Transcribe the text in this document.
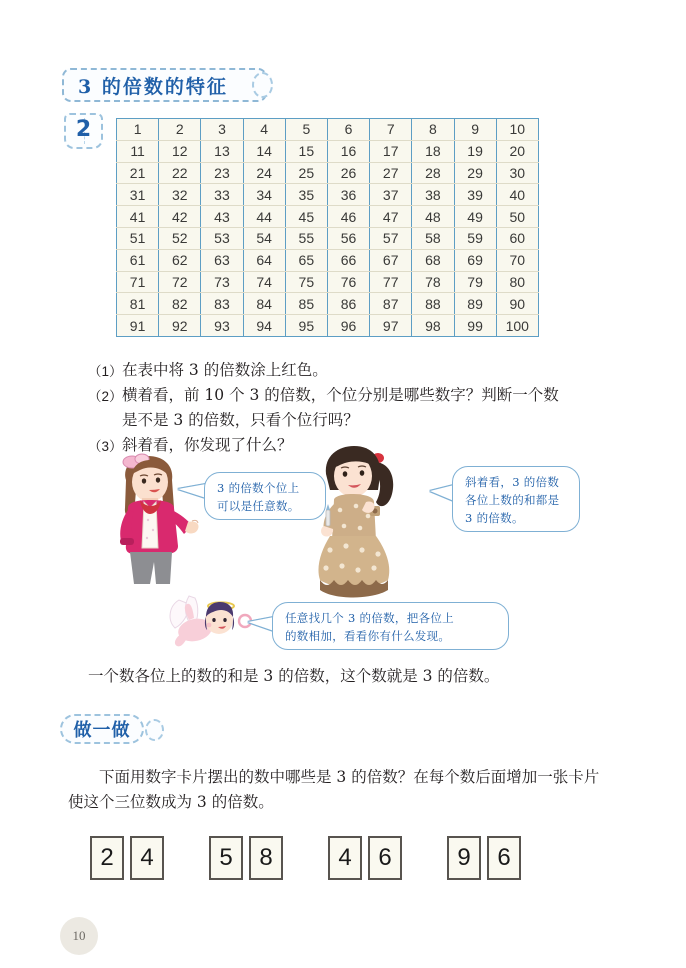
3 的倍数的特征
2	1	2	3	4	5	6	7	8	9	10
11	12	13	14	15	16	17	18	19	20
21	22	23	24	25	26	27	28	29	30
31	32	33	34	35	36	37	38	39	40
41	42	43	44	45	46	47	48	49	50
51	52	53	54	55	56	57	58	59	60
61	62	63	64	65	66	67	68	69	70
71	72	73	74	75	76	77	78	79	80
81	82	83	84	85	86	87	88	89	90
91	92	93	94	95	96	97	98	99	100
（1） 在表中将 3 的倍数涂上红色。
（2） 横着看，前 10 个 3 的倍数，个位分别是哪些数字？判断一个数
是不是 3 的倍数，只看个位行吗？
（3） 斜着看，你发现了什么？
3 的倍数个位上
可以是任意数。
斜着看，3 的倍数
各位上数的和都是
3 的倍数。
任意找几个 3 的倍数，把各位上
的数相加，看看你有什么发现。
一个数各位上的数的和是 3 的倍数，这个数就是 3 的倍数。
做一做
下面用数字卡片摆出的数中哪些是 3 的倍数？在每个数后面增加一张卡片
使这个三位数成为 3 的倍数。
2	4	5	8	4	6	9	6
10
